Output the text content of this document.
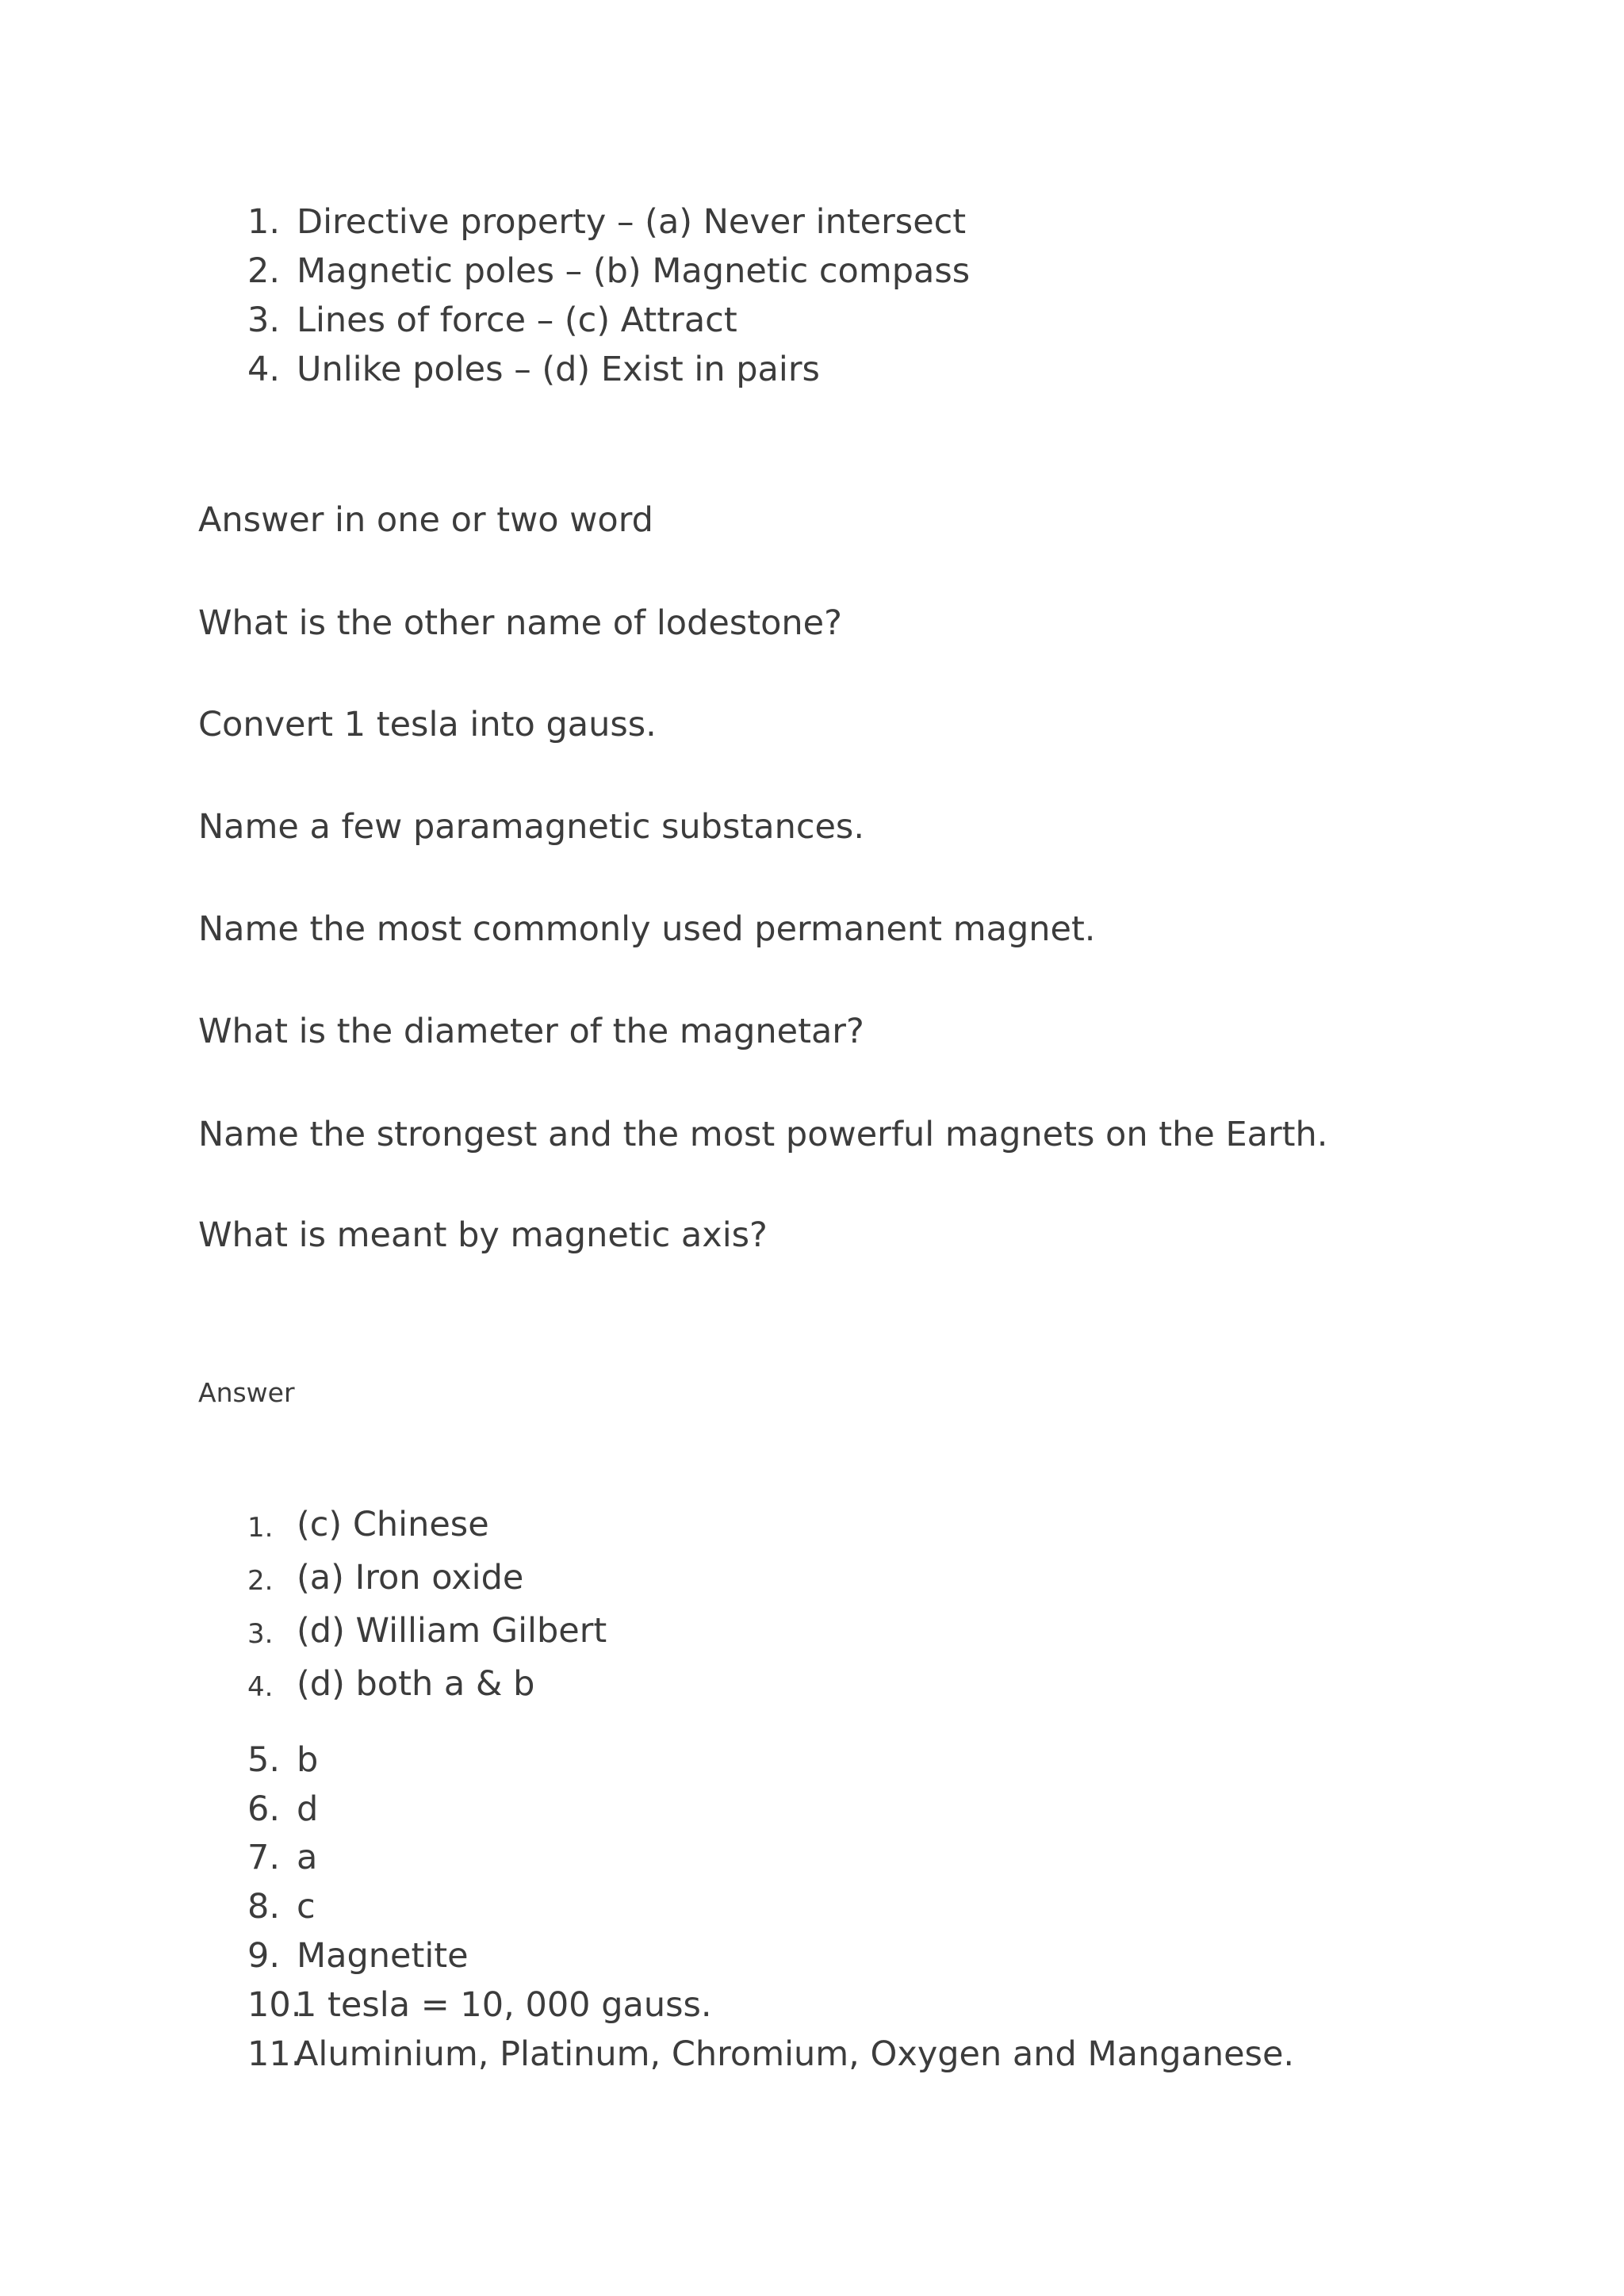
1. Directive property – (a) Never intersect
2. Magnetic poles – (b) Magnetic compass
3. Lines of force – (c) Attract
4. Unlike poles – (d) Exist in pairs

Answer in one or two word

What is the other name of lodestone?

Convert 1 tesla into gauss.

Name a few paramagnetic substances.

Name the most commonly used permanent magnet.

What is the diameter of the magnetar?

Name the strongest and the most powerful magnets on the Earth.

What is meant by magnetic axis?

Answer

1. (c) Chinese
2. (a) Iron oxide
3. (d) William Gilbert
4. (d) both a & b
5. b
6. d
7. a
8. c
9. Magnetite
10.
1 tesla = 10, 000 gauss.
11.
Aluminium, Platinum, Chromium, Oxygen and Manganese.
